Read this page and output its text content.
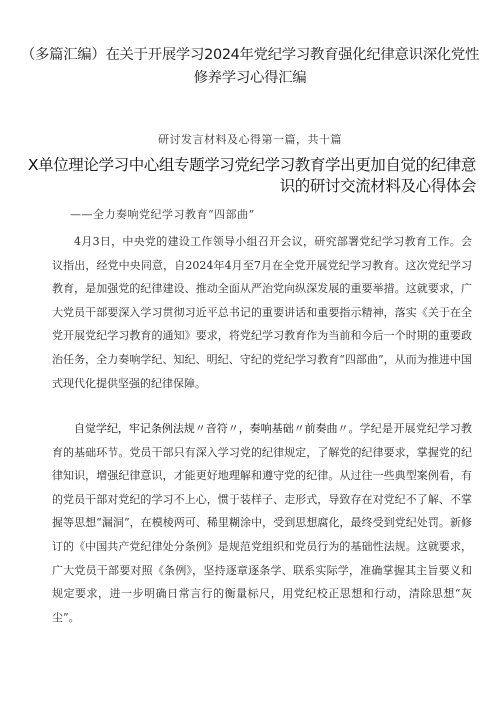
（多篇汇编）在关于开展学习2024年党纪学习教育强化纪律意识深化党性修养学习心得汇编
研讨发言材料及心得第一篇，共十篇
X单位理论学习中心组专题学习党纪学习教育学出更加自觉的纪律意识的研讨交流材料及心得体会
——全力奏响党纪学习教育“四部曲”

4月3日，中央党的建设工作领导小组召开会议，研究部署党纪学习教育工作。会议指出，经党中央同意，自2024年4月至7月在全党开展党纪学习教育。这次党纪学习教育，是加强党的纪律建设、推动全面从严治党向纵深发展的重要举措。这就要求，广大党员干部要深入学习贯彻习近平总书记的重要讲话和重要指示精神，落实《关于在全党开展党纪学习教育的通知》要求，将党纪学习教育作为当前和今后一个时期的重要政治任务，全力奏响学纪、知纪、明纪、守纪的党纪学习教育“四部曲”，从而为推进中国式现代化提供坚强的纪律保障。

自觉学纪，牢记条例法规〃音符〃，奏响基础〃前奏曲〃。学纪是开展党纪学习教育的基础环节。党员干部只有深入学习党的纪律规定，了解党的纪律要求，掌握党的纪律知识，增强纪律意识，才能更好地理解和遵守党的纪律。从过往一些典型案例看，有的党员干部对党纪的学习不上心，惯于装样子、走形式，导致存在对党纪不了解、不掌握等思想“漏洞”，在模棱两可、稀里糊涂中，受到思想腐化，最终受到党纪处罚。新修订的《中国共产党纪律处分条例》是规范党组织和党员行为的基础性法规。这就要求，广大党员干部要对照《条例》，坚持逐章逐条学、联系实际学，准确掌握其主旨要义和规定要求，进一步明确日常言行的衡量标尺，用党纪校正思想和行动，清除思想“灰尘”。
